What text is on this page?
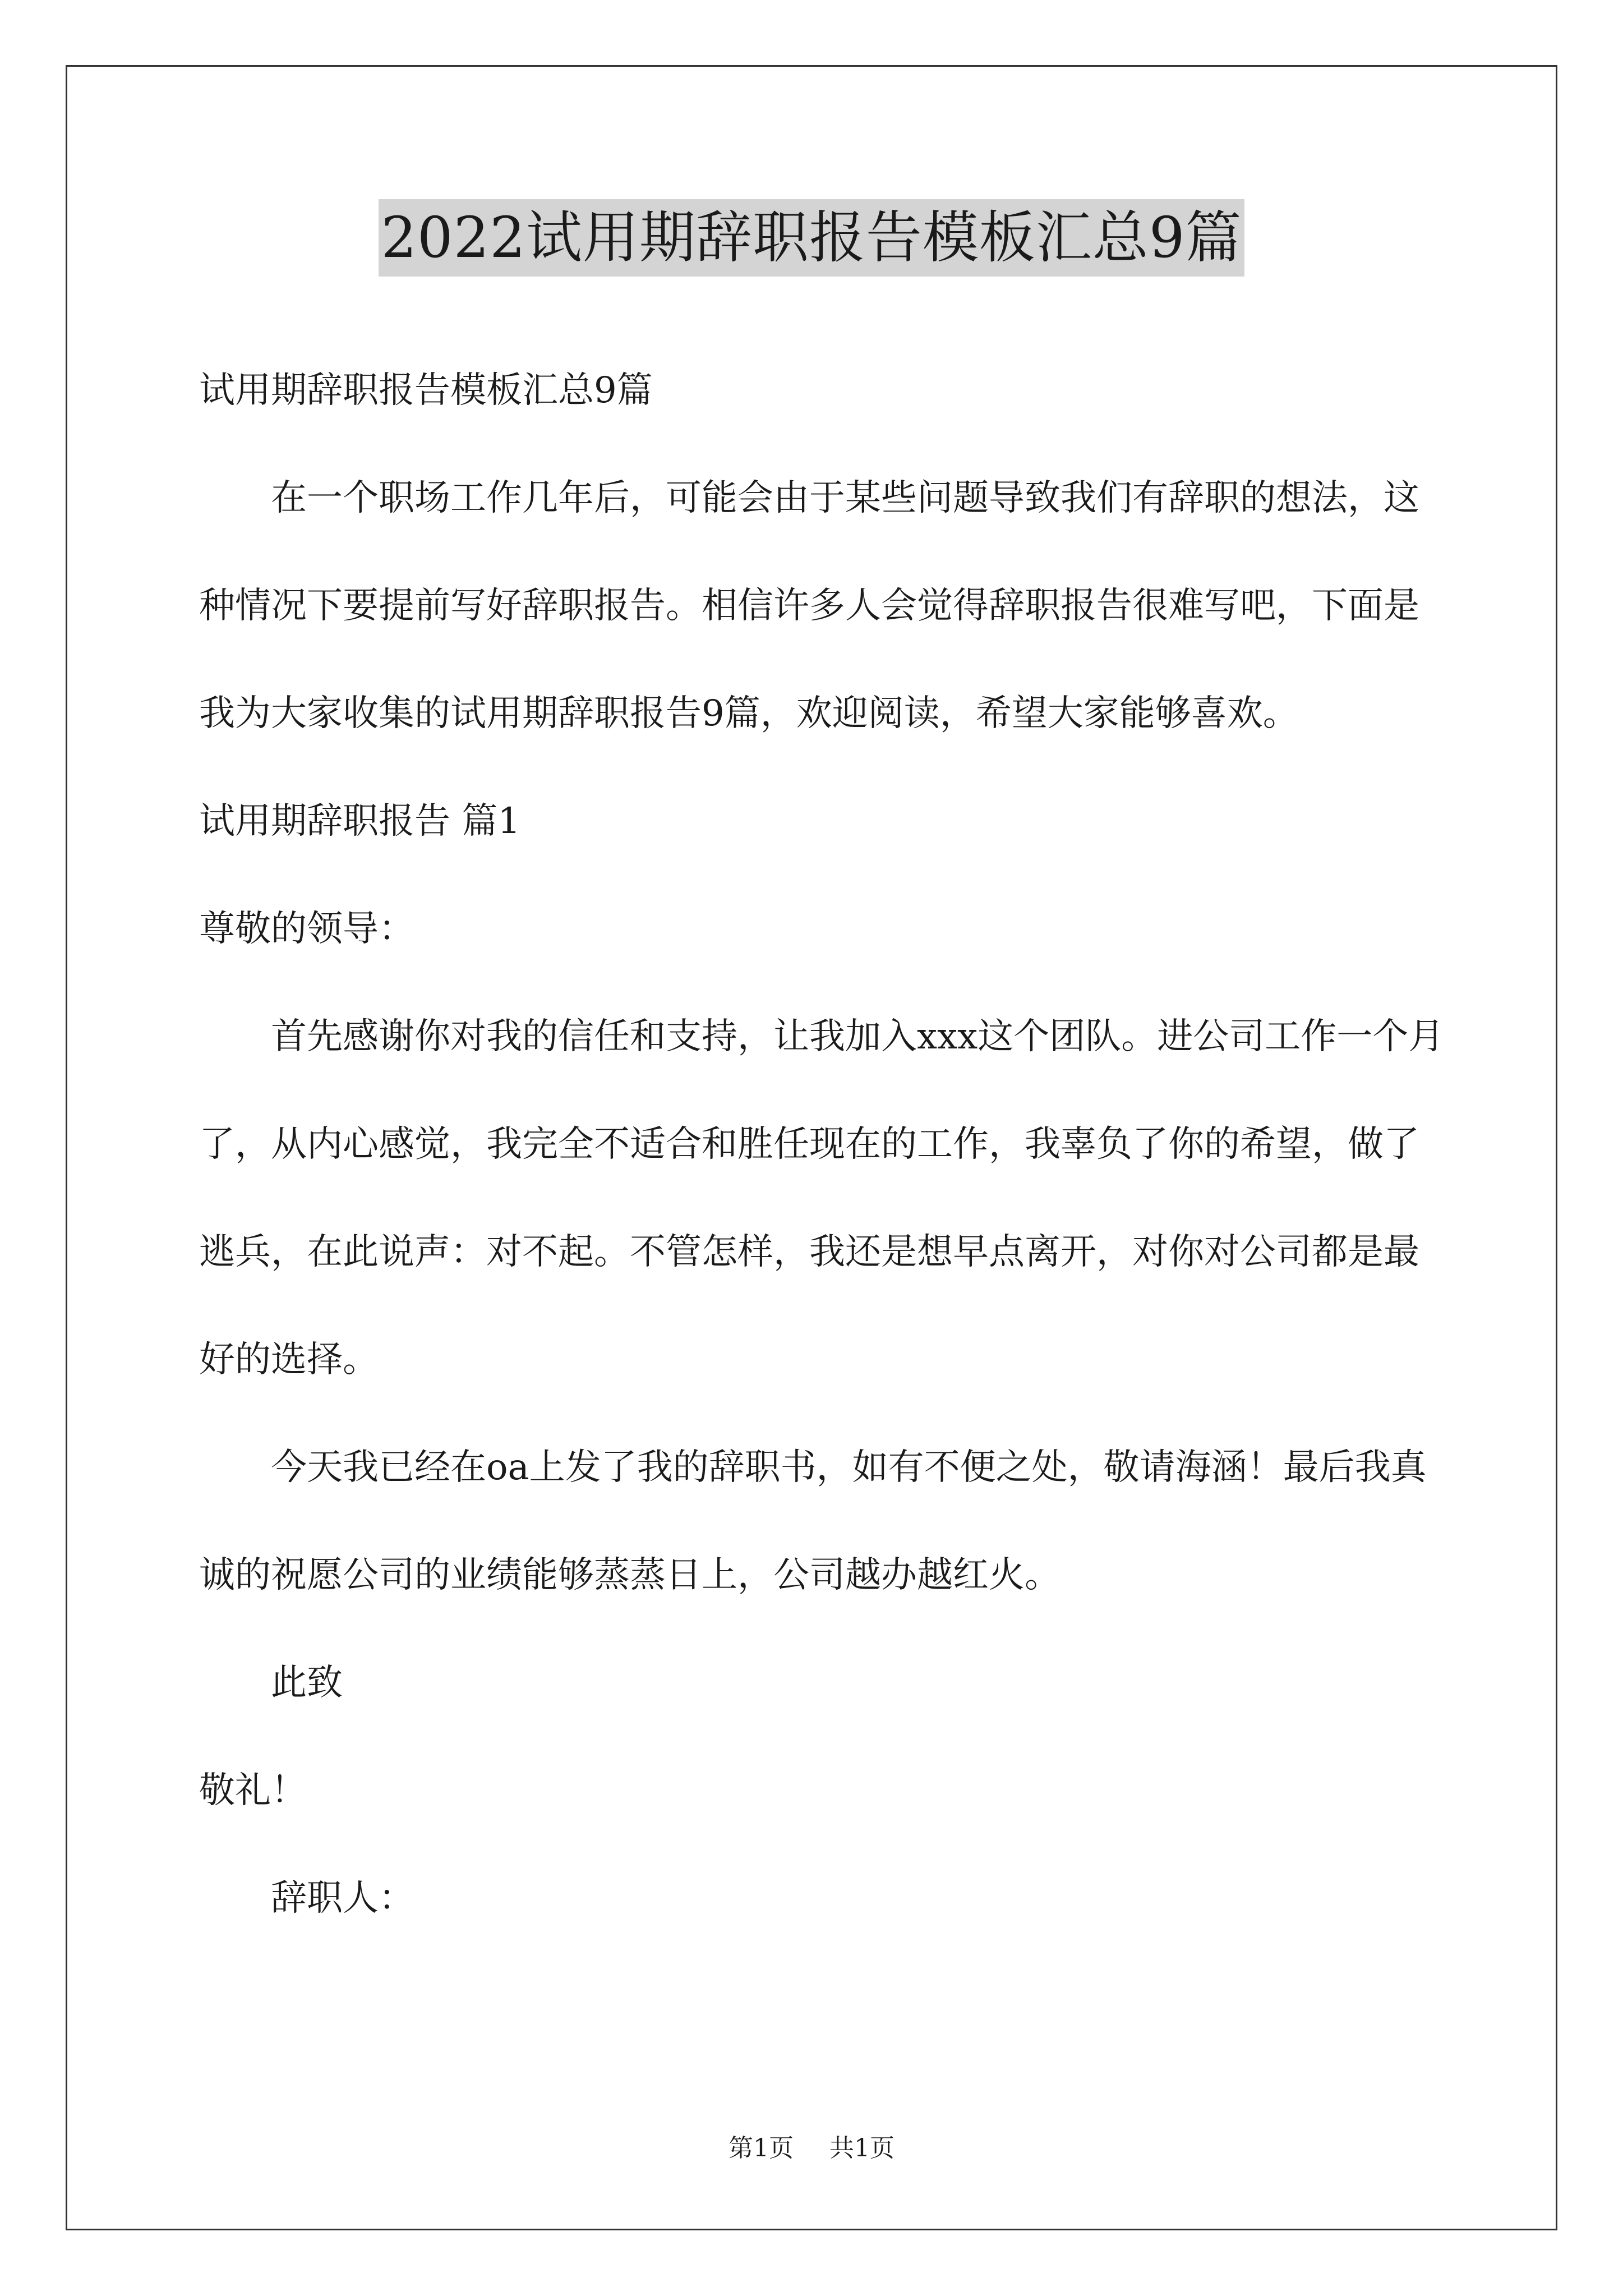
2022试用期辞职报告模板汇总9篇

试用期辞职报告模板汇总9篇

在一个职场工作几年后，可能会由于某些问题导致我们有辞职的想法，这种情况下要提前写好辞职报告。相信许多人会觉得辞职报告很难写吧，下面是我为大家收集的试用期辞职报告9篇，欢迎阅读，希望大家能够喜欢。

试用期辞职报告 篇1

尊敬的领导：

首先感谢你对我的信任和支持，让我加入xxx这个团队。进公司工作一个月了，从内心感觉，我完全不适合和胜任现在的工作，我辜负了你的希望，做了逃兵，在此说声：对不起。不管怎样，我还是想早点离开，对你对公司都是最好的选择。

今天我已经在oa上发了我的辞职书，如有不便之处，敬请海涵！最后我真诚的祝愿公司的业绩能够蒸蒸日上，公司越办越红火。

此致

敬礼！

辞职人：

第1页 共1页
